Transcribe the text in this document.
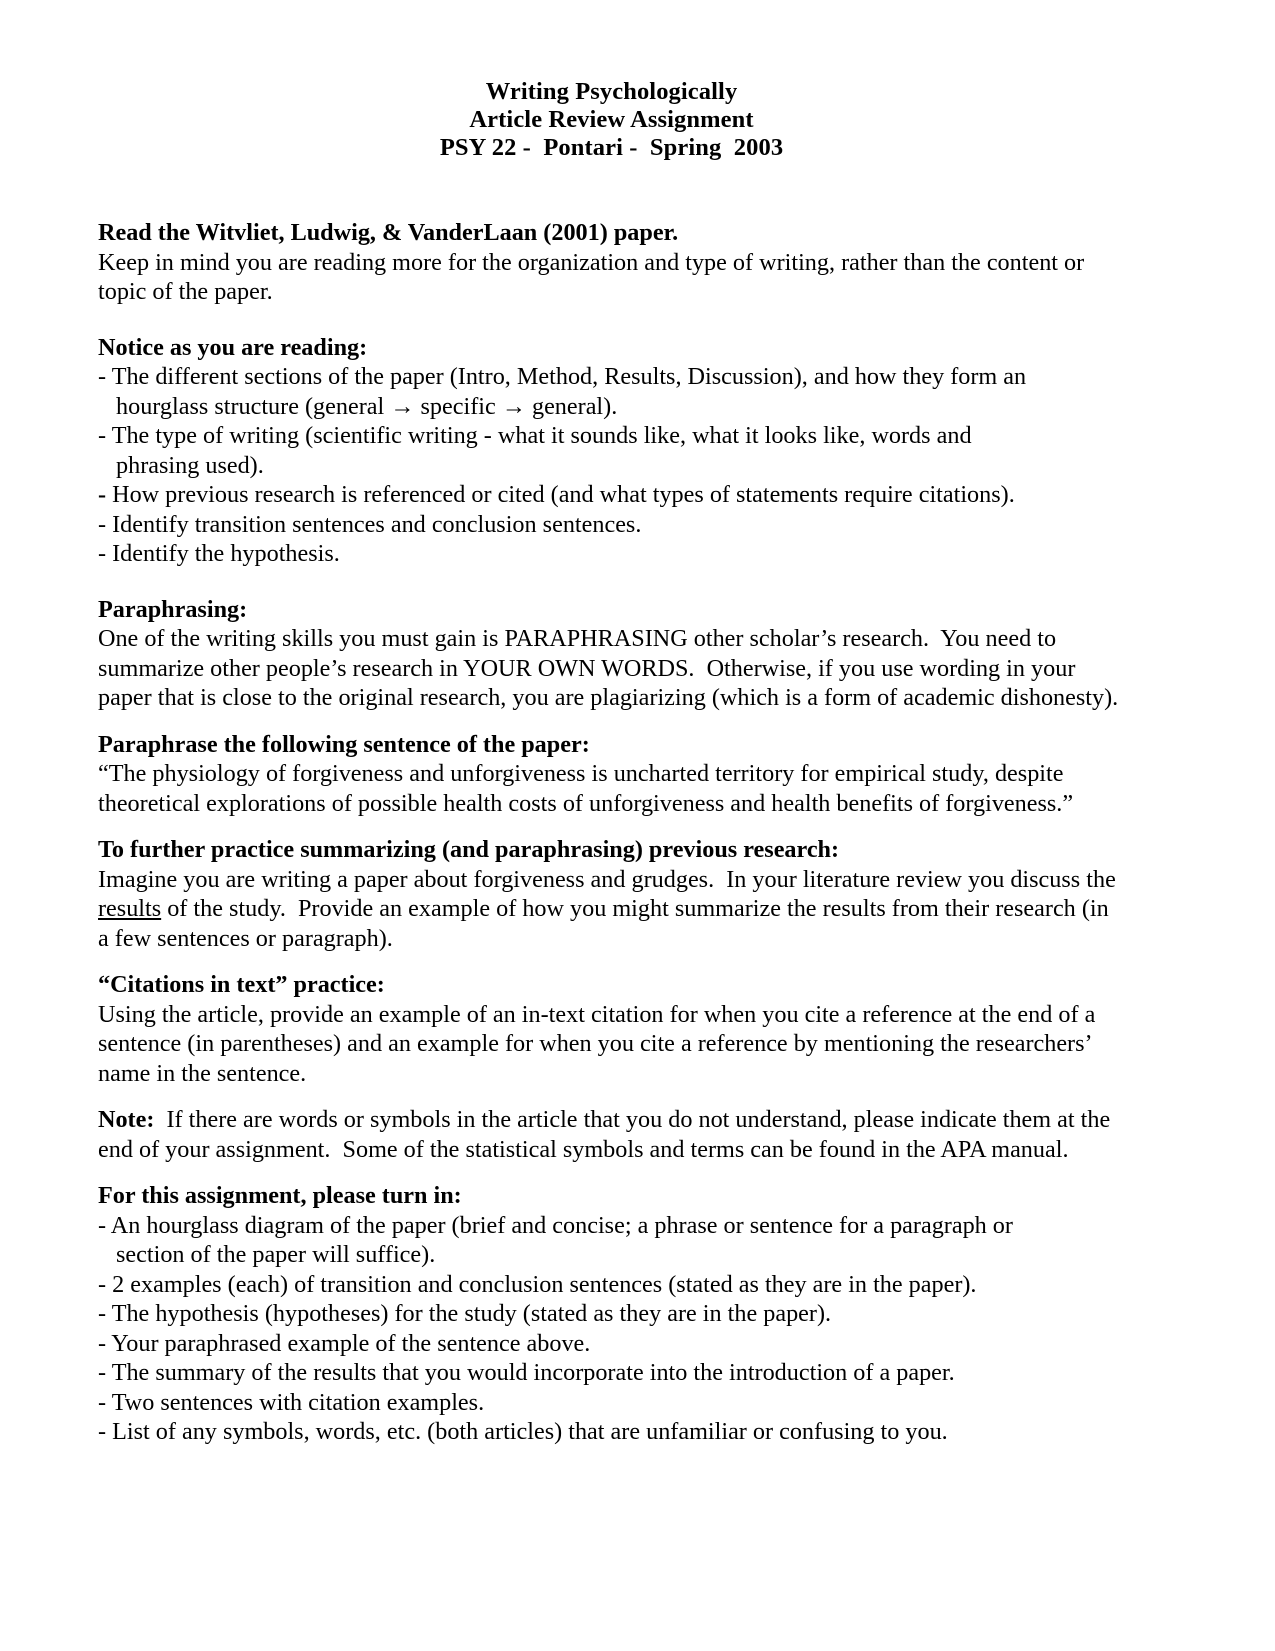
Writing Psychologically
Article Review Assignment
PSY 22 -  Pontari -  Spring  2003

Read the Witvliet, Ludwig, & VanderLaan (2001) paper.

Keep in mind you are reading more for the organization and type of writing, rather than the content or topic of the paper.

Notice as you are reading:

- The different sections of the paper (Intro, Method, Results, Discussion), and how they form an
hourglass structure (general → specific → general).
- The type of writing (scientific writing - what it sounds like, what it looks like, words and
phrasing used).
- How previous research is referenced or cited (and what types of statements require citations).
- Identify transition sentences and conclusion sentences.
- Identify the hypothesis.

Paraphrasing:

One of the writing skills you must gain is PARAPHRASING other scholar’s research.  You need to summarize other people’s research in YOUR OWN WORDS.  Otherwise, if you use wording in your paper that is close to the original research, you are plagiarizing (which is a form of academic dishonesty).

Paraphrase the following sentence of the paper:

“The physiology of forgiveness and unforgiveness is uncharted territory for empirical study, despite theoretical explorations of possible health costs of unforgiveness and health benefits of forgiveness.”

To further practice summarizing (and paraphrasing) previous research:

Imagine you are writing a paper about forgiveness and grudges.  In your literature review you discuss the results of the study.  Provide an example of how you might summarize the results from their research (in a few sentences or paragraph).

“Citations in text” practice:

Using the article, provide an example of an in-text citation for when you cite a reference at the end of a sentence (in parentheses) and an example for when you cite a reference by mentioning the researchers’ name in the sentence.

Note:  If there are words or symbols in the article that you do not understand, please indicate them at the end of your assignment.  Some of the statistical symbols and terms can be found in the APA manual.

For this assignment, please turn in:

- An hourglass diagram of the paper (brief and concise; a phrase or sentence for a paragraph or
section of the paper will suffice).
- 2 examples (each) of transition and conclusion sentences (stated as they are in the paper).
- The hypothesis (hypotheses) for the study (stated as they are in the paper).
- Your paraphrased example of the sentence above.
- The summary of the results that you would incorporate into the introduction of a paper.
- Two sentences with citation examples.
- List of any symbols, words, etc. (both articles) that are unfamiliar or confusing to you.
